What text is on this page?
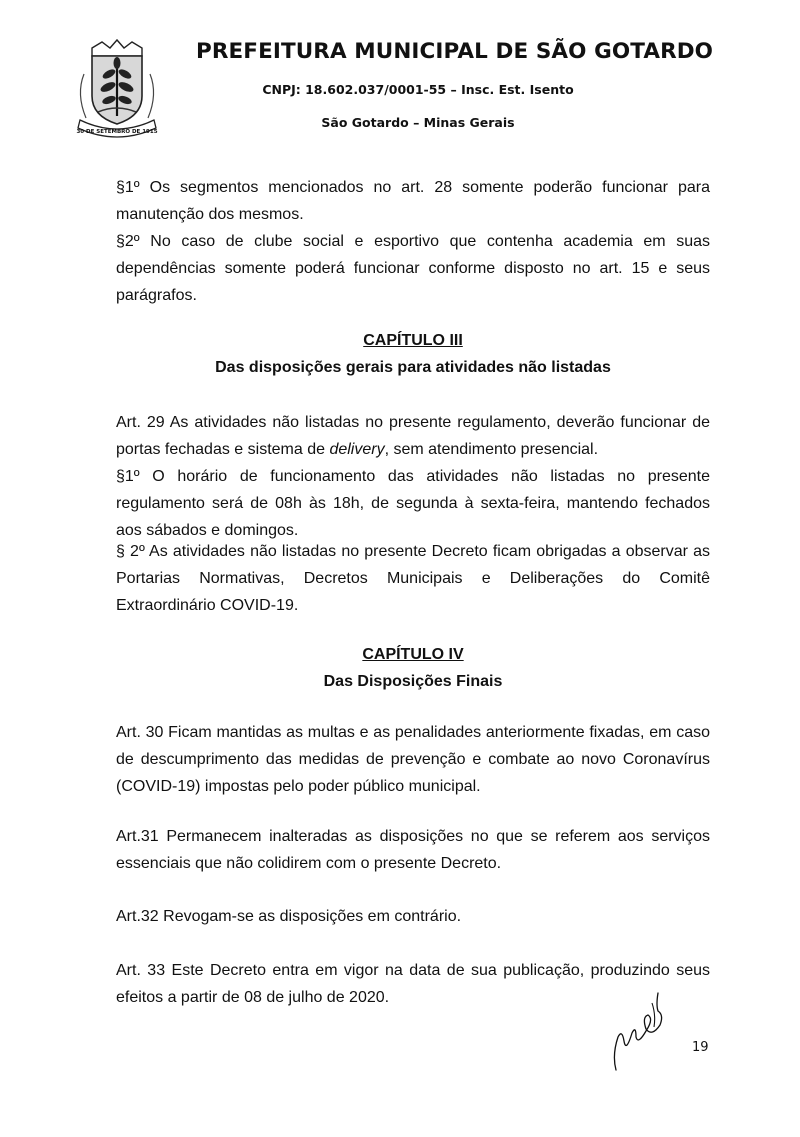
30 DE SETEMBRO DE 1915
PREFEITURA MUNICIPAL DE SÃO GOTARDO
CNPJ: 18.602.037/0001-55 – Insc. Est. Isento
São Gotardo – Minas Gerais

§1º Os segmentos mencionados no art. 28 somente poderão funcionar para manutenção dos mesmos.

§2º No caso de clube social e esportivo que contenha academia em suas dependências somente poderá funcionar conforme disposto no art. 15 e seus parágrafos.

CAPÍTULO III
Das disposições gerais para atividades não listadas

Art. 29 As atividades não listadas no presente regulamento, deverão funcionar de portas fechadas e sistema de delivery, sem atendimento presencial.

§1º O horário de funcionamento das atividades não listadas no presente regulamento será de 08h às 18h, de segunda à sexta-feira, mantendo fechados aos sábados e domingos.

§ 2º As atividades não listadas no presente Decreto ficam obrigadas a observar as Portarias Normativas, Decretos Municipais e Deliberações do Comitê Extraordinário COVID-19.

CAPÍTULO IV
Das Disposições Finais

Art. 30 Ficam mantidas as multas e as penalidades anteriormente fixadas, em caso de descumprimento das medidas de prevenção e combate ao novo Coronavírus (COVID-19) impostas pelo poder público municipal.

Art.31 Permanecem inalteradas as disposições no que se referem aos serviços essenciais que não colidirem com o presente Decreto.

Art.32 Revogam-se as disposições em contrário.

Art. 33 Este Decreto entra em vigor na data de sua publicação, produzindo seus efeitos a partir de 08 de julho de 2020.

19
